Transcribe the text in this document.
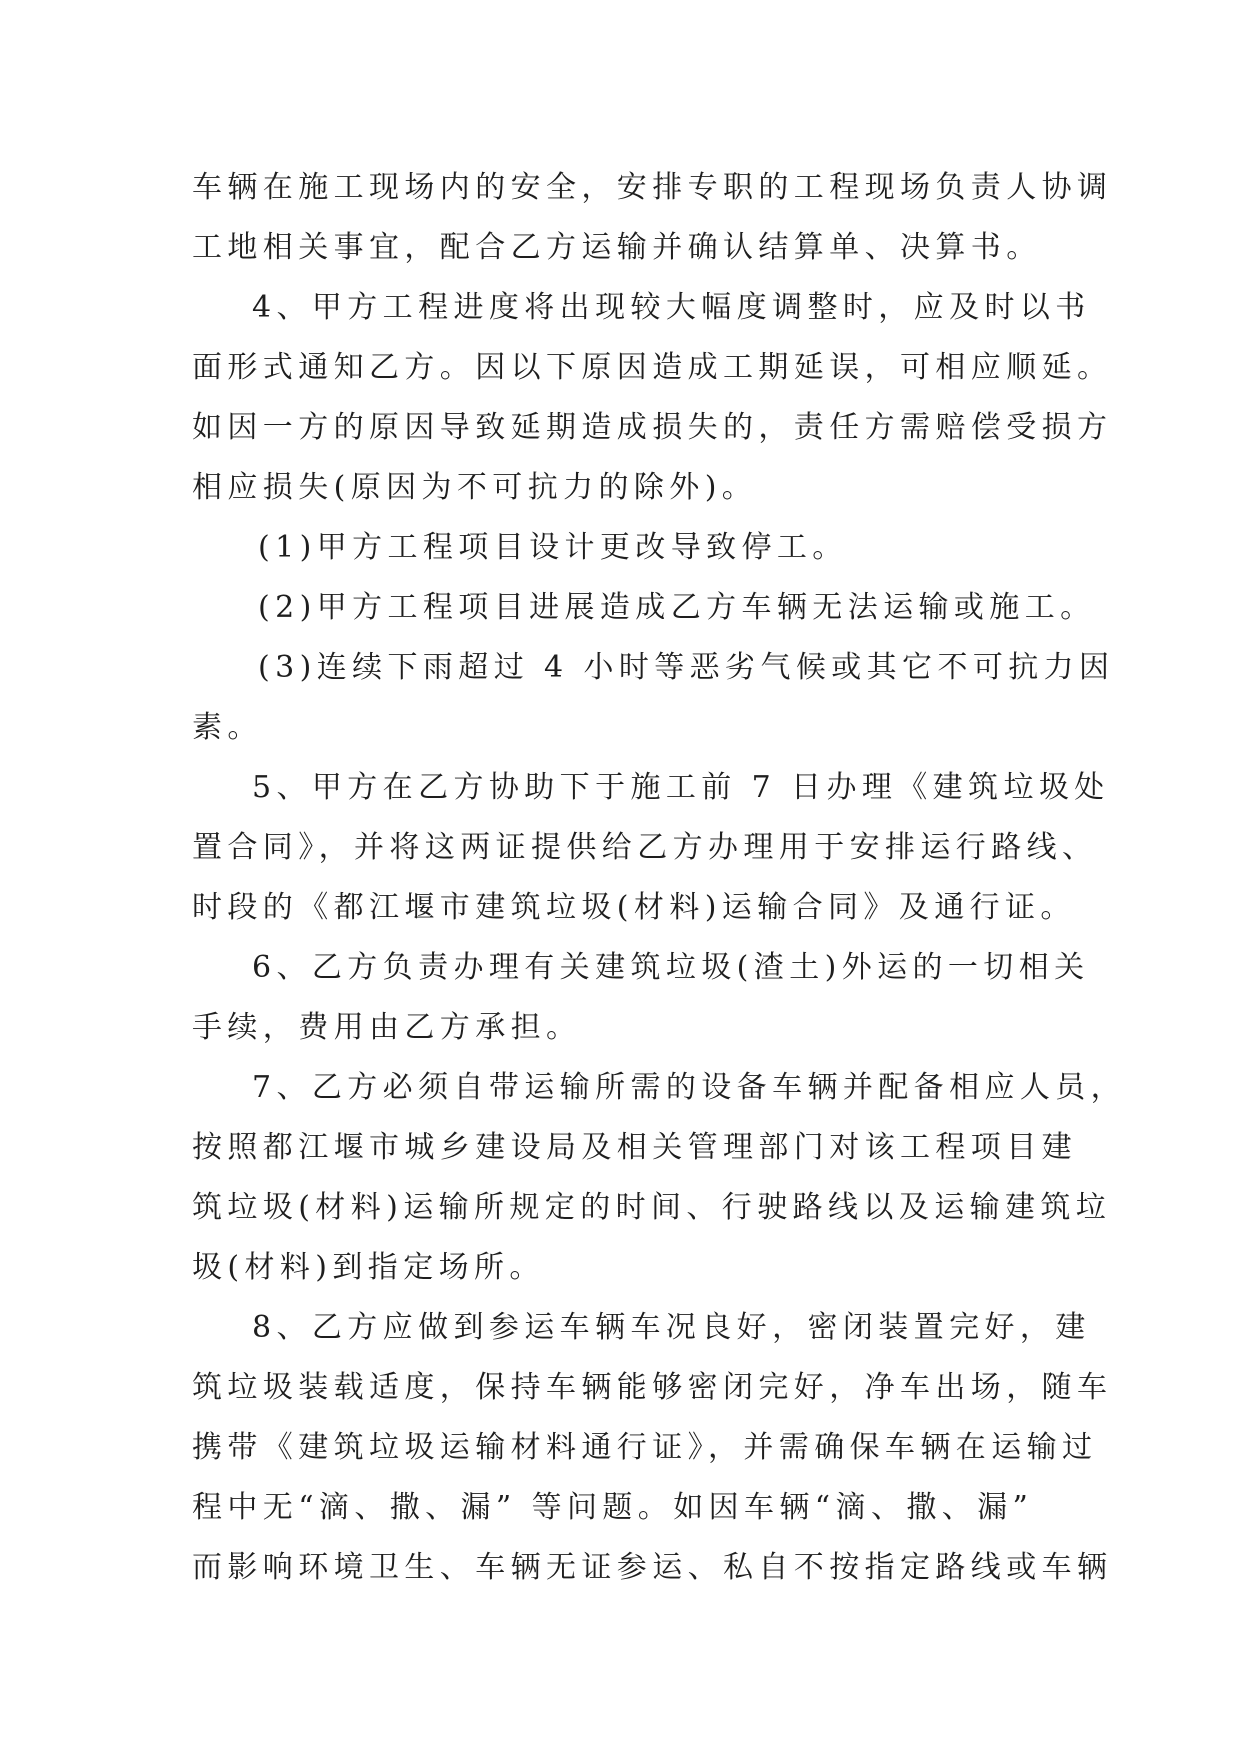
车辆在施工现场内的安全，安排专职的工程现场负责人协调
工地相关事宜，配合乙方运输并确认结算单、决算书。
4、甲方工程进度将出现较大幅度调整时，应及时以书
面形式通知乙方。因以下原因造成工期延误，可相应顺延。
如因一方的原因导致延期造成损失的，责任方需赔偿受损方
相应损失(原因为不可抗力的除外)。
(1)甲方工程项目设计更改导致停工。
(2)甲方工程项目进展造成乙方车辆无法运输或施工。
(3)连续下雨超过 4 小时等恶劣气候或其它不可抗力因
素。
5、甲方在乙方协助下于施工前 7 日办理《建筑垃圾处
置合同》，并将这两证提供给乙方办理用于安排运行路线、
时段的《都江堰市建筑垃圾(材料)运输合同》及通行证。
6、乙方负责办理有关建筑垃圾(渣土)外运的一切相关
手续，费用由乙方承担。
7、乙方必须自带运输所需的设备车辆并配备相应人员，
按照都江堰市城乡建设局及相关管理部门对该工程项目建
筑垃圾(材料)运输所规定的时间、行驶路线以及运输建筑垃
圾(材料)到指定场所。
8、乙方应做到参运车辆车况良好，密闭装置完好，建
筑垃圾装载适度，保持车辆能够密闭完好，净车出场，随车
携带《建筑垃圾运输材料通行证》，并需确保车辆在运输过
程中无“滴、撒、漏” 等问题。如因车辆“滴、撒、漏”
而影响环境卫生、车辆无证参运、私自不按指定路线或车辆
